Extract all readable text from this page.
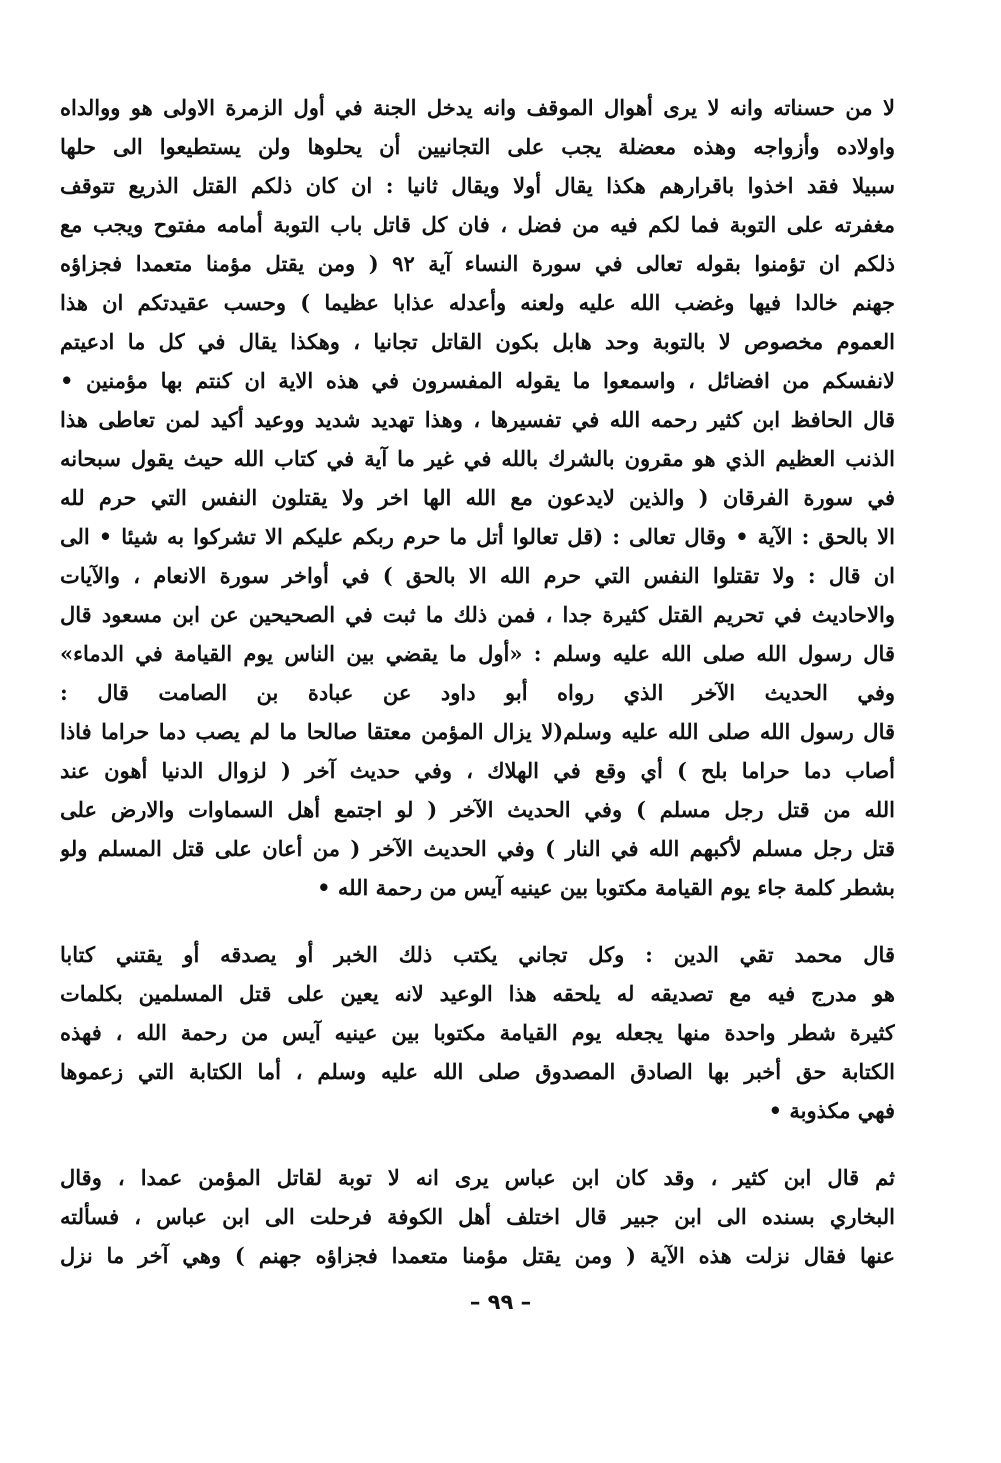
لا من حسناته وانه لا يرى أهوال الموقف وانه يدخل الجنة في أول الزمرة الاولى هو ووالداه
واولاده وأزواجه وهذه معضلة يجب على التجانيين أن يحلوها ولن يستطيعوا الى حلها
سبيلا فقد اخذوا باقرارهم هكذا يقال أولا ويقال ثانيا : ان كان ذلكم القتل الذريع تتوقف
مغفرته على التوبة فما لكم فيه من فضل ، فان كل قاتل باب التوبة أمامه مفتوح ويجب مع
ذلكم ان تؤمنوا بقوله تعالى في سورة النساء آية ٩٢ ( ومن يقتل مؤمنا متعمدا فجزاؤه
جهنم خالدا فيها وغضب الله عليه ولعنه وأعدله عذابا عظيما ) وحسب عقيدتكم ان هذا
العموم مخصوص لا بالتوبة وحد هابل بكون القاتل تجانيا ، وهكذا يقال في كل ما ادعيتم
لانفسكم من افضائل ، واسمعوا ما يقوله المفسرون في هذه الاية ان كنتم بها مؤمنين •
قال الحافظ ابن كثير رحمه الله في تفسيرها ، وهذا تهديد شديد ووعيد أكيد لمن تعاطى هذا
الذنب العظيم الذي هو مقرون بالشرك بالله في غير ما آية في كتاب الله حيث يقول سبحانه
في سورة الفرقان ( والذين لايدعون مع الله الها اخر ولا يقتلون النفس التي حرم لله
الا بالحق : الآية • وقال تعالى : (قل تعالوا أتل ما حرم ربكم عليكم الا تشركوا به شيئا • الى
ان قال : ولا تقتلوا النفس التي حرم الله الا بالحق ) في أواخر سورة الانعام ، والآيات
والاحاديث في تحريم القتل كثيرة جدا ، فمن ذلك ما ثبت في الصحيحين عن ابن مسعود قال
قال رسول الله صلى الله عليه وسلم : «أول ما يقضي بين الناس يوم القيامة في الدماء»
وفي الحديث الآخر الذي رواه أبو داود عن عبادة بن الصامت قال :
قال رسول الله صلى الله عليه وسلم(لا يزال المؤمن معتقا صالحا ما لم يصب دما حراما فاذا
أصاب دما حراما بلح ) أي وقع في الهلاك ، وفي حديث آخر ( لزوال الدنيا أهون عند
الله من قتل رجل مسلم ) وفي الحديث الآخر ( لو اجتمع أهل السماوات والارض على
قتل رجل مسلم لأكبهم الله في النار ) وفي الحديث الآخر ( من أعان على قتل المسلم ولو
بشطر كلمة جاء يوم القيامة مكتوبا بين عينيه آيس من رحمة الله •
قال محمد تقي الدين : وكل تجاني يكتب ذلك الخبر أو يصدقه أو يقتني كتابا
هو مدرج فيه مع تصديقه له يلحقه هذا الوعيد لانه يعين على قتل المسلمين بكلمات
كثيرة شطر واحدة منها يجعله يوم القيامة مكتوبا بين عينيه آيس من رحمة الله ، فهذه
الكتابة حق أخبر بها الصادق المصدوق صلى الله عليه وسلم ، أما الكتابة التي زعموها
فهي مكذوبة •
ثم قال ابن كثير ، وقد كان ابن عباس يرى انه لا توبة لقاتل المؤمن عمدا ، وقال
البخاري بسنده الى ابن جبير قال اختلف أهل الكوفة فرحلت الى ابن عباس ، فسألته
عنها فقال نزلت هذه الآية ( ومن يقتل مؤمنا متعمدا فجزاؤه جهنم ) وهي آخر ما نزل
– ٩٩ –
